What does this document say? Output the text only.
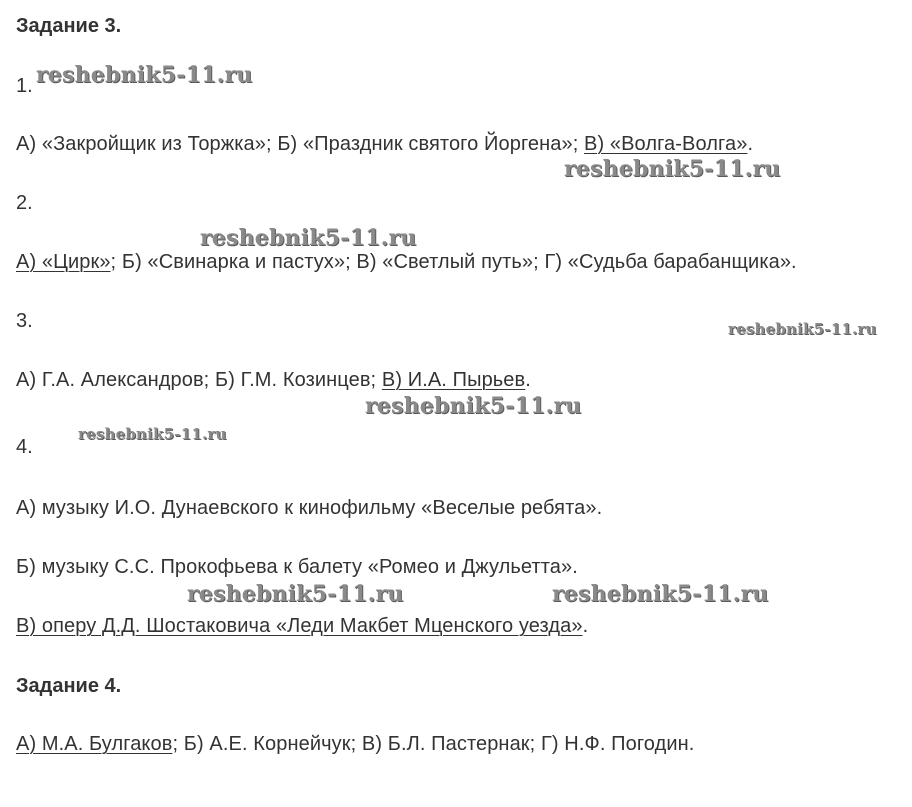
Задание 3.
1.
А) «Закройщик из Торжка»; Б) «Праздник святого Йоргена»; В) «Волга-Волга».
2.
А) «Цирк»; Б) «Свинарка и пастух»; В) «Светлый путь»; Г) «Судьба барабанщика».
3.
А) Г.А. Александров; Б) Г.М. Козинцев; В) И.А. Пырьев.
4.
А) музыку И.О. Дунаевского к кинофильму «Веселые ребята».
Б) музыку С.С. Прокофьева к балету «Ромео и Джульетта».
В) оперу Д.Д. Шостаковича «Леди Макбет Мценского уезда».
Задание 4.
А) М.А. Булгаков; Б) А.Е. Корнейчук; В) Б.Л. Пастернак; Г) Н.Ф. Погодин.
reshebnik5-11.ru
reshebnik5-11.ru
reshebnik5-11.ru
reshebnik5-11.ru
reshebnik5-11.ru
reshebnik5-11.ru
reshebnik5-11.ru	reshebnik5-11.ru
